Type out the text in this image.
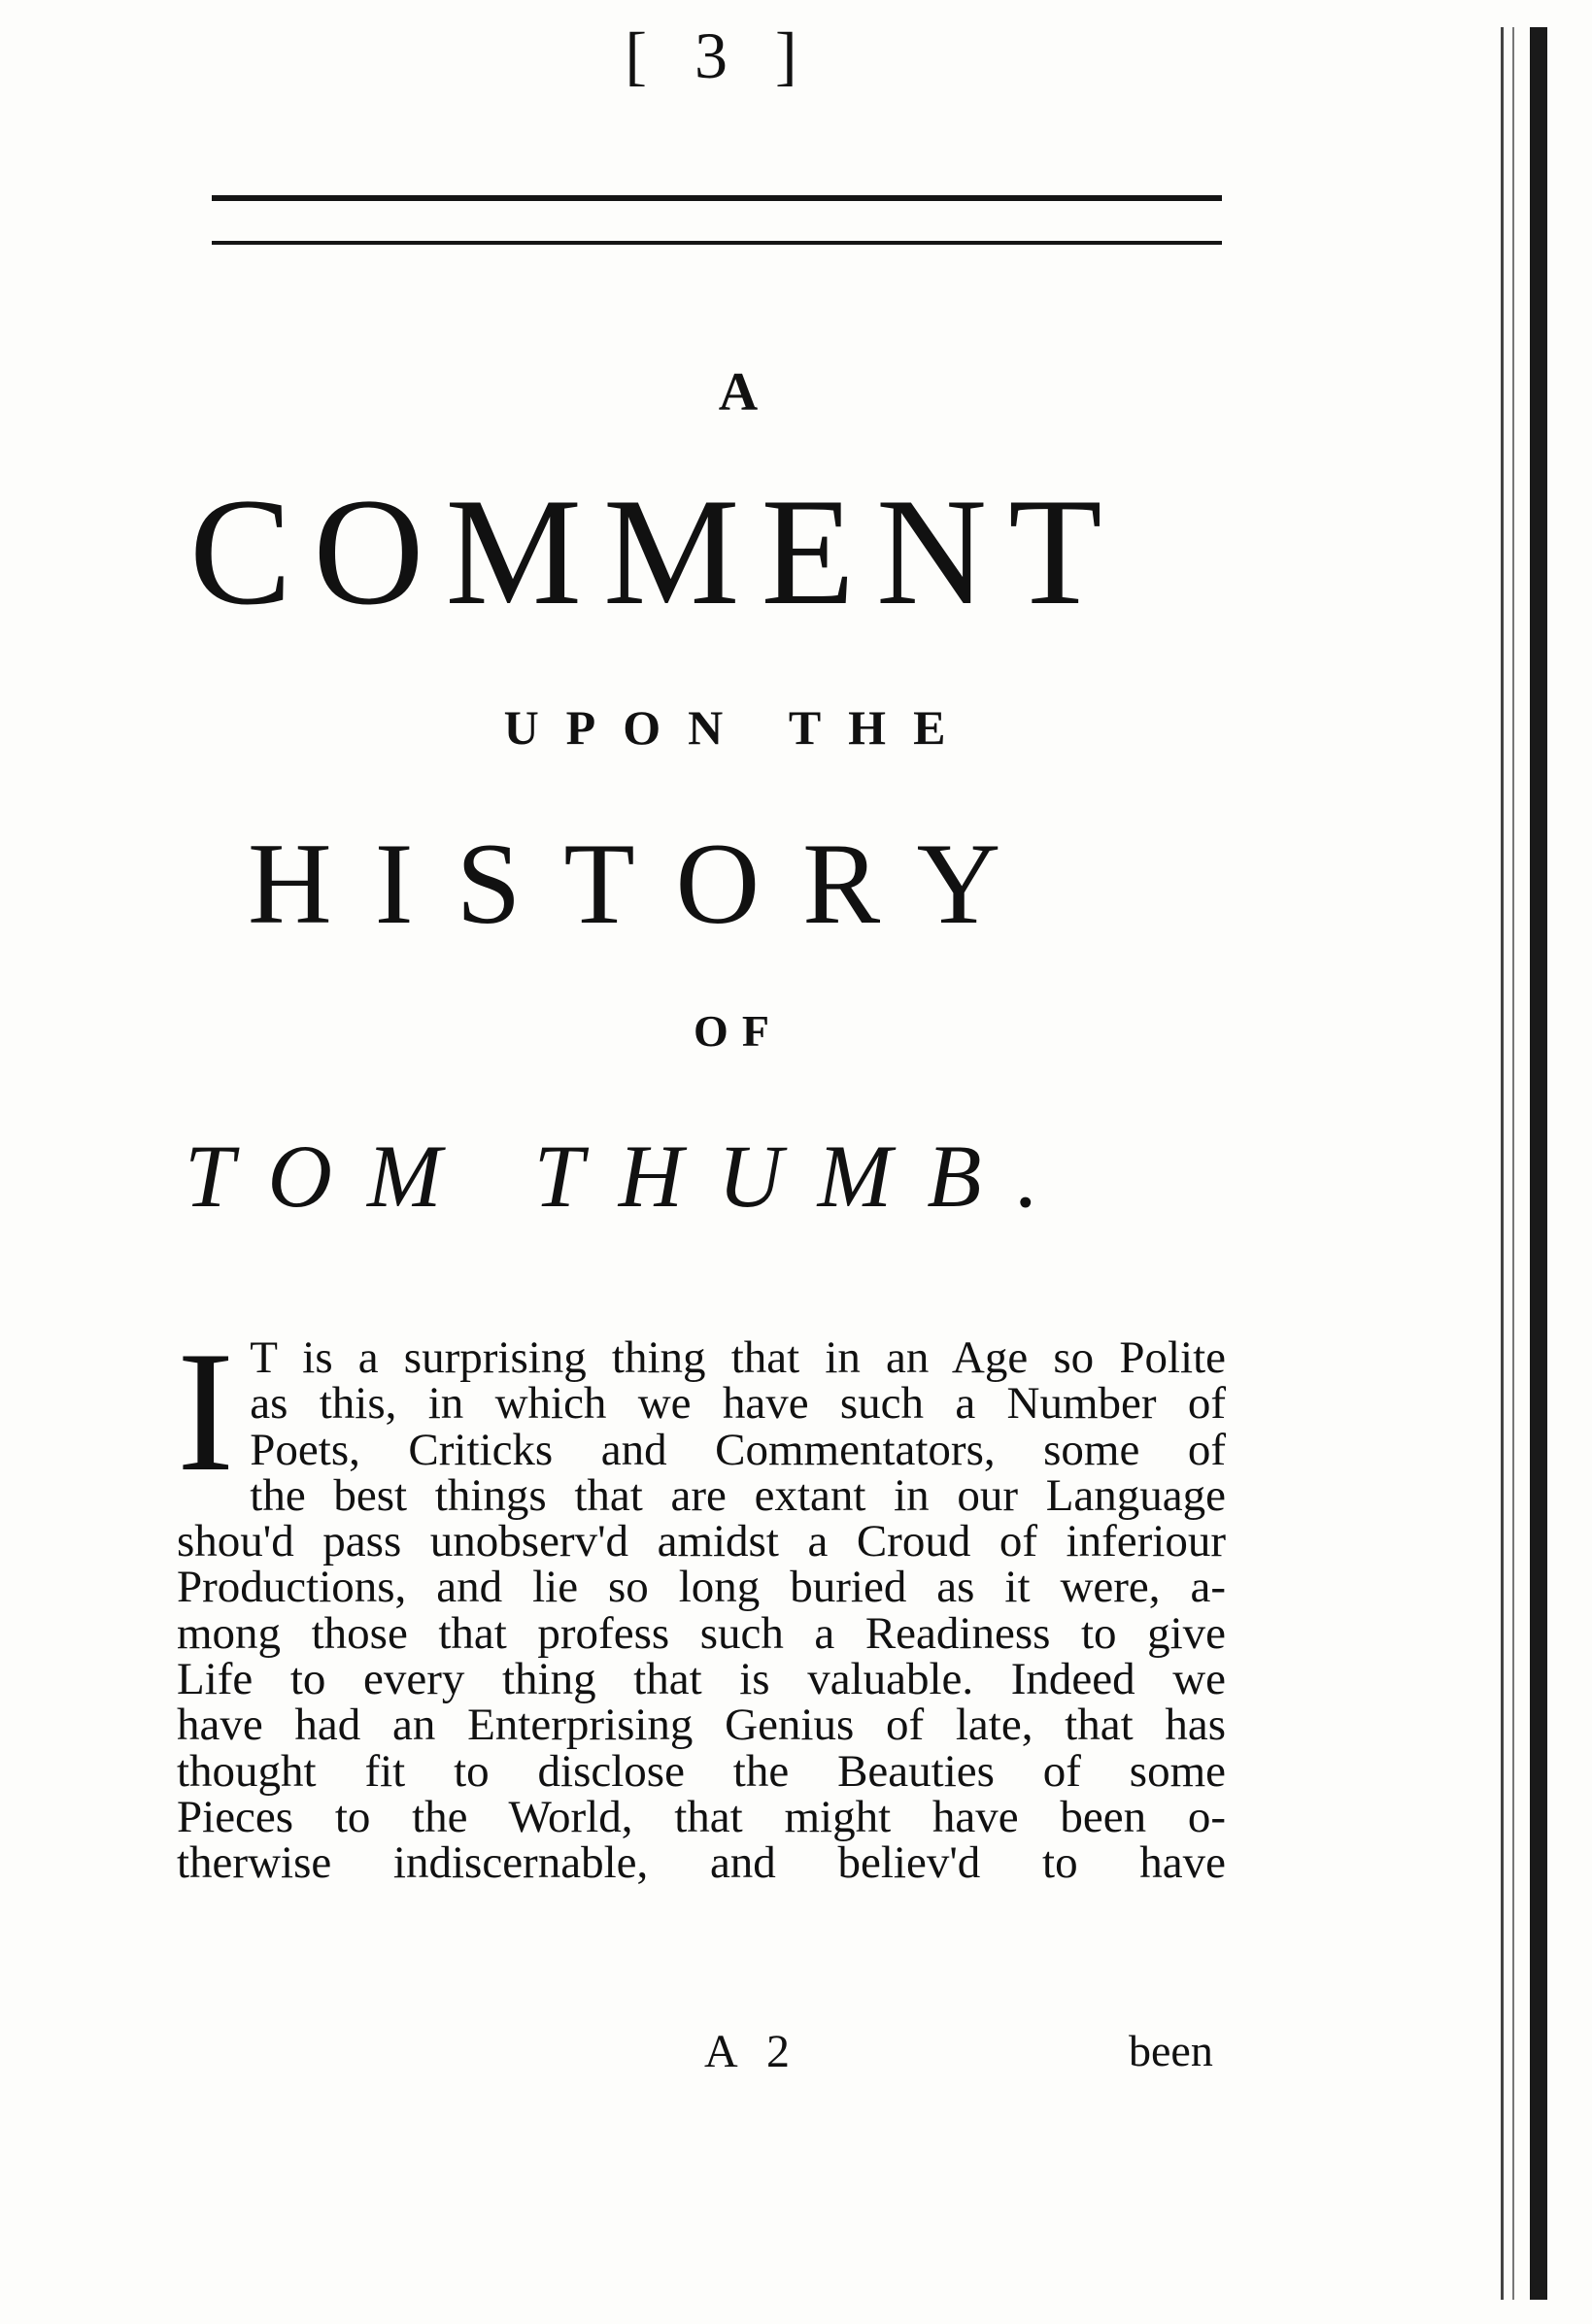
[ 3 ]
A
COMMENT
UPON THE
HISTORY
OF
TOM THUMB.
I T is a surprising thing that in an Age so Polite
as this, in which we have such a Number of
Poets, Criticks and Commentators, some of
the best things that are extant in our Language
shou'd pass unobserv'd amidst a Croud of inferiour
Productions, and lie so long buried as it were, a-
mong those that profess such a Readiness to give
Life to every thing that is valuable. Indeed we
have had an Enterprising Genius of late, that has
thought fit to disclose the Beauties of some
Pieces to the World, that might have been o-
therwise indiscernable, and believ'd to have
A 2	been
